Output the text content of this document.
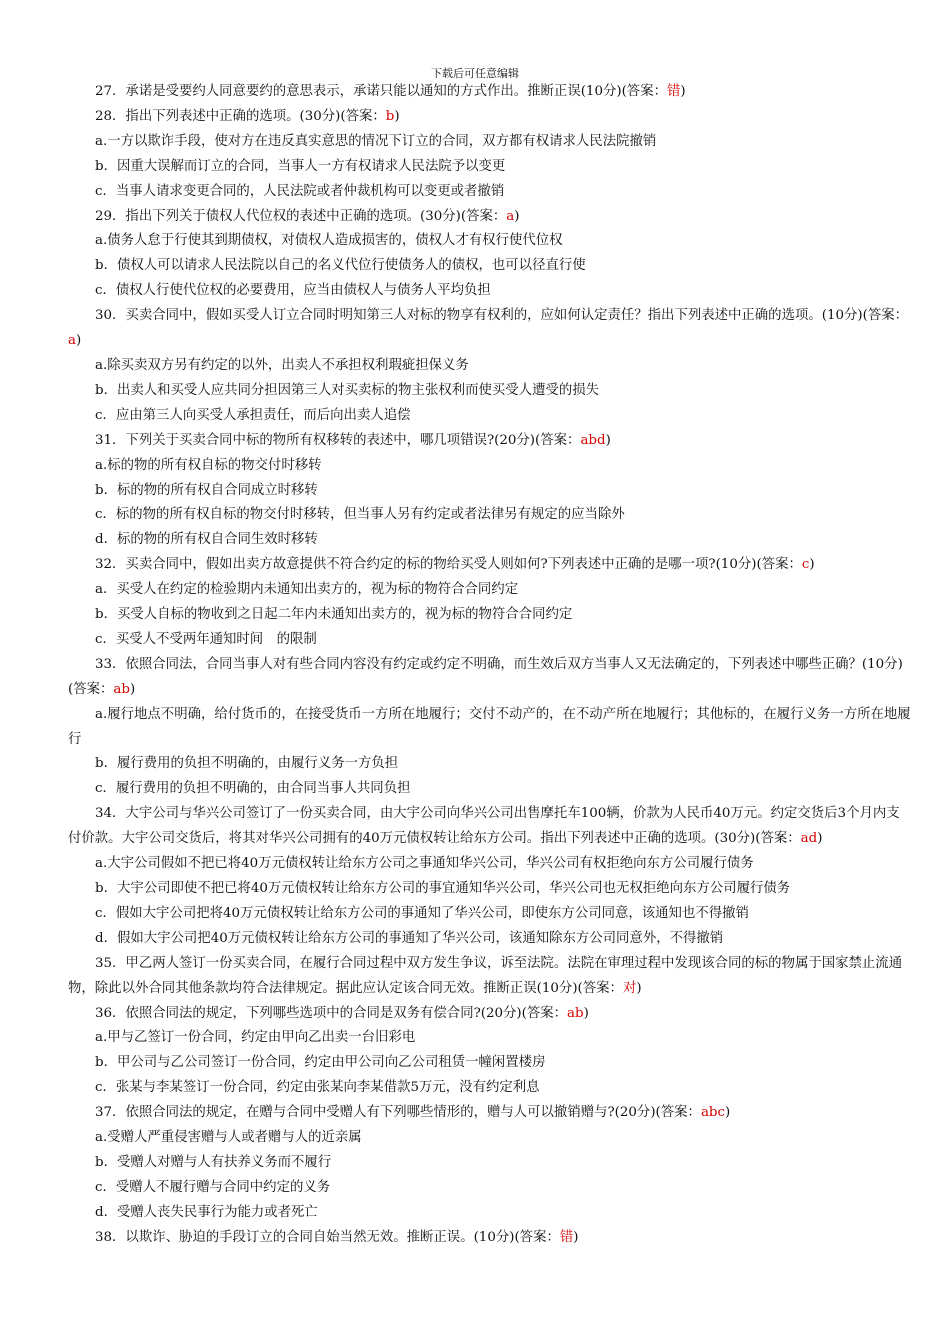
下载后可任意编辑
27．承诺是受要约人同意要约的意思表示，承诺只能以通知的方式作出。推断正误(10分)(答案：错)
28．指出下列表述中正确的选项。(30分)(答案：b)
a.一方以欺诈手段，使对方在违反真实意思的情况下订立的合同，双方都有权请求人民法院撤销
b．因重大误解而订立的合同，当事人一方有权请求人民法院予以变更
c．当事人请求变更合同的，人民法院或者仲裁机构可以变更或者撤销
29．指出下列关于债权人代位权的表述中正确的选项。(30分)(答案：a)
a.债务人怠于行使其到期债权，对债权人造成损害的，债权人才有权行使代位权
b．债权人可以请求人民法院以自己的名义代位行使债务人的债权，也可以径直行使
c．债权人行使代位权的必要费用，应当由债权人与债务人平均负担
30．买卖合同中，假如买受人订立合同时明知第三人对标的物享有权利的，应如何认定责任？指出下列表述中正确的选项。(10分)(答案：a)
a.除买卖双方另有约定的以外，出卖人不承担权利瑕疵担保义务
b．出卖人和买受人应共同分担因第三人对买卖标的物主张权利而使买受人遭受的损失
c．应由第三人向买受人承担责任，而后向出卖人追偿
31．下列关于买卖合同中标的物所有权移转的表述中，哪几项错误?(20分)(答案：abd)
a.标的物的所有权自标的物交付时移转
b．标的物的所有权自合同成立时移转
c．标的物的所有权自标的物交付时移转，但当事人另有约定或者法律另有规定的应当除外
d．标的物的所有权自合同生效时移转
32．买卖合同中，假如出卖方故意提供不符合约定的标的物给买受人则如何?下列表述中正确的是哪一项?(10分)(答案：c)
a．买受人在约定的检验期内未通知出卖方的，视为标的物符合合同约定
b．买受人自标的物收到之日起二年内未通知出卖方的，视为标的物符合合同约定
c．买受人不受两年通知时间　的限制
33．依照合同法，合同当事人对有些合同内容没有约定或约定不明确，而生效后双方当事人又无法确定的，下列表述中哪些正确？(10分)(答案：ab)
a.履行地点不明确，给付货币的，在接受货币一方所在地履行；交付不动产的，在不动产所在地履行；其他标的，在履行义务一方所在地履行
b．履行费用的负担不明确的，由履行义务一方负担
c．履行费用的负担不明确的，由合同当事人共同负担
34．大宇公司与华兴公司签订了一份买卖合同，由大宇公司向华兴公司出售摩托车100辆，价款为人民币40万元。约定交货后3个月内支付价款。大宇公司交货后，将其对华兴公司拥有的40万元债权转让给东方公司。指出下列表述中正确的选项。(30分)(答案：ad)
a.大宇公司假如不把已将40万元债权转让给东方公司之事通知华兴公司，华兴公司有权拒绝向东方公司履行债务
b．大宇公司即使不把已将40万元债权转让给东方公司的事宜通知华兴公司，华兴公司也无权拒绝向东方公司履行债务
c．假如大宇公司把将40万元债权转让给东方公司的事通知了华兴公司，即使东方公司同意，该通知也不得撤销
d．假如大宇公司把40万元债权转让给东方公司的事通知了华兴公司，该通知除东方公司同意外，不得撤销
35．甲乙两人签订一份买卖合同，在履行合同过程中双方发生争议，诉至法院。法院在审理过程中发现该合同的标的物属于国家禁止流通物，除此以外合同其他条款均符合法律规定。据此应认定该合同无效。推断正误(10分)(答案：对)
36．依照合同法的规定，下列哪些选项中的合同是双务有偿合同?(20分)(答案：ab)
a.甲与乙签订一份合同，约定由甲向乙出卖一台旧彩电
b．甲公司与乙公司签订一份合同，约定由甲公司向乙公司租赁一幢闲置楼房
c．张某与李某签订一份合同，约定由张某向李某借款5万元，没有约定利息
37．依照合同法的规定，在赠与合同中受赠人有下列哪些情形的，赠与人可以撤销赠与?(20分)(答案：abc)
a.受赠人严重侵害赠与人或者赠与人的近亲属
b．受赠人对赠与人有扶养义务而不履行
c．受赠人不履行赠与合同中约定的义务
d．受赠人丧失民事行为能力或者死亡
38．以欺诈、胁迫的手段订立的合同自始当然无效。推断正误。(10分)(答案：错)
